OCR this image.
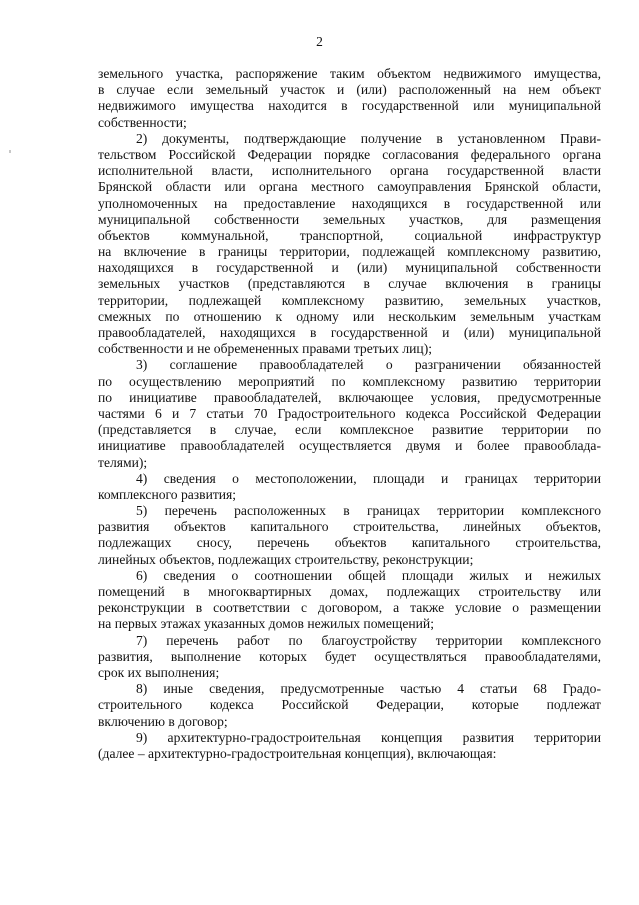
2
земельного участка, распоряжение таким объектом недвижимого имущества,
в случае если земельный участок и (или) расположенный на нем объект
недвижимого имущества находится в государственной или муниципальной
собственности;
2) документы, подтверждающие получение в установленном Прави-
тельством Российской Федерации порядке согласования федерального органа
исполнительной власти, исполнительного органа государственной власти
Брянской области или органа местного самоуправления Брянской области,
уполномоченных на предоставление находящихся в государственной или
муниципальной собственности земельных участков, для размещения
объектов коммунальной, транспортной, социальной инфраструктур
на включение в границы территории, подлежащей комплексному развитию,
находящихся в государственной и (или) муниципальной собственности
земельных участков (представляются в случае включения в границы
территории, подлежащей комплексному развитию, земельных участков,
смежных по отношению к одному или нескольким земельным участкам
правообладателей, находящихся в государственной и (или) муниципальной
собственности и не обремененных правами третьих лиц);
3) соглашение правообладателей о разграничении обязанностей
по осуществлению мероприятий по комплексному развитию территории
по инициативе правообладателей, включающее условия, предусмотренные
частями 6 и 7 статьи 70 Градостроительного кодекса Российской Федерации
(представляется в случае, если комплексное развитие территории по
инициативе правообладателей осуществляется двумя и более правооблада-
телями);
4) сведения о местоположении, площади и границах территории
комплексного развития;
5) перечень расположенных в границах территории комплексного
развития объектов капитального строительства, линейных объектов,
подлежащих сносу, перечень объектов капитального строительства,
линейных объектов, подлежащих строительству, реконструкции;
6) сведения о соотношении общей площади жилых и нежилых
помещений в многоквартирных домах, подлежащих строительству или
реконструкции в соответствии с договором, а также условие о размещении
на первых этажах указанных домов нежилых помещений;
7) перечень работ по благоустройству территории комплексного
развития, выполнение которых будет осуществляться правообладателями,
срок их выполнения;
8) иные сведения, предусмотренные частью 4 статьи 68 Градо-
строительного кодекса Российской Федерации, которые подлежат
включению в договор;
9) архитектурно-градостроительная концепция развития территории
(далее – архитектурно-градостроительная концепция), включающая:
